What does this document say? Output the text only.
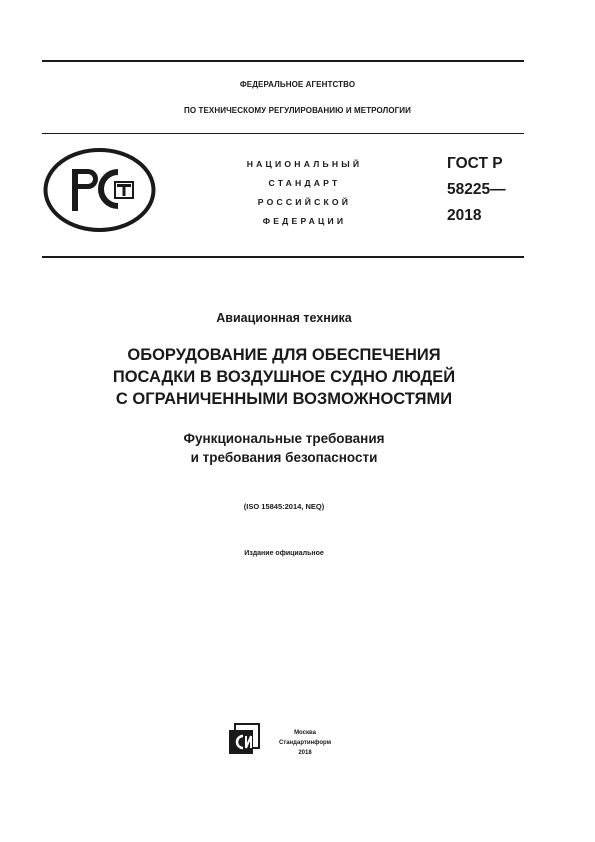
ФЕДЕРАЛЬНОЕ АГЕНТСТВО
ПО ТЕХНИЧЕСКОМУ РЕГУЛИРОВАНИЮ И МЕТРОЛОГИИ
РСТ
НАЦИОНАЛЬНЫЙ
СТАНДАРТ
РОССИЙСКОЙ
ФЕДЕРАЦИИ
ГОСТ Р
58225—
2018
Авиационная техника
ОБОРУДОВАНИЕ ДЛЯ ОБЕСПЕЧЕНИЯ
ПОСАДКИ В ВОЗДУШНОЕ СУДНО ЛЮДЕЙ
С ОГРАНИЧЕННЫМИ ВОЗМОЖНОСТЯМИ
Функциональные требования
и требования безопасности
(ISO 15845:2014, NEQ)
Издание официальное
Москва
Стандартинформ
2018
